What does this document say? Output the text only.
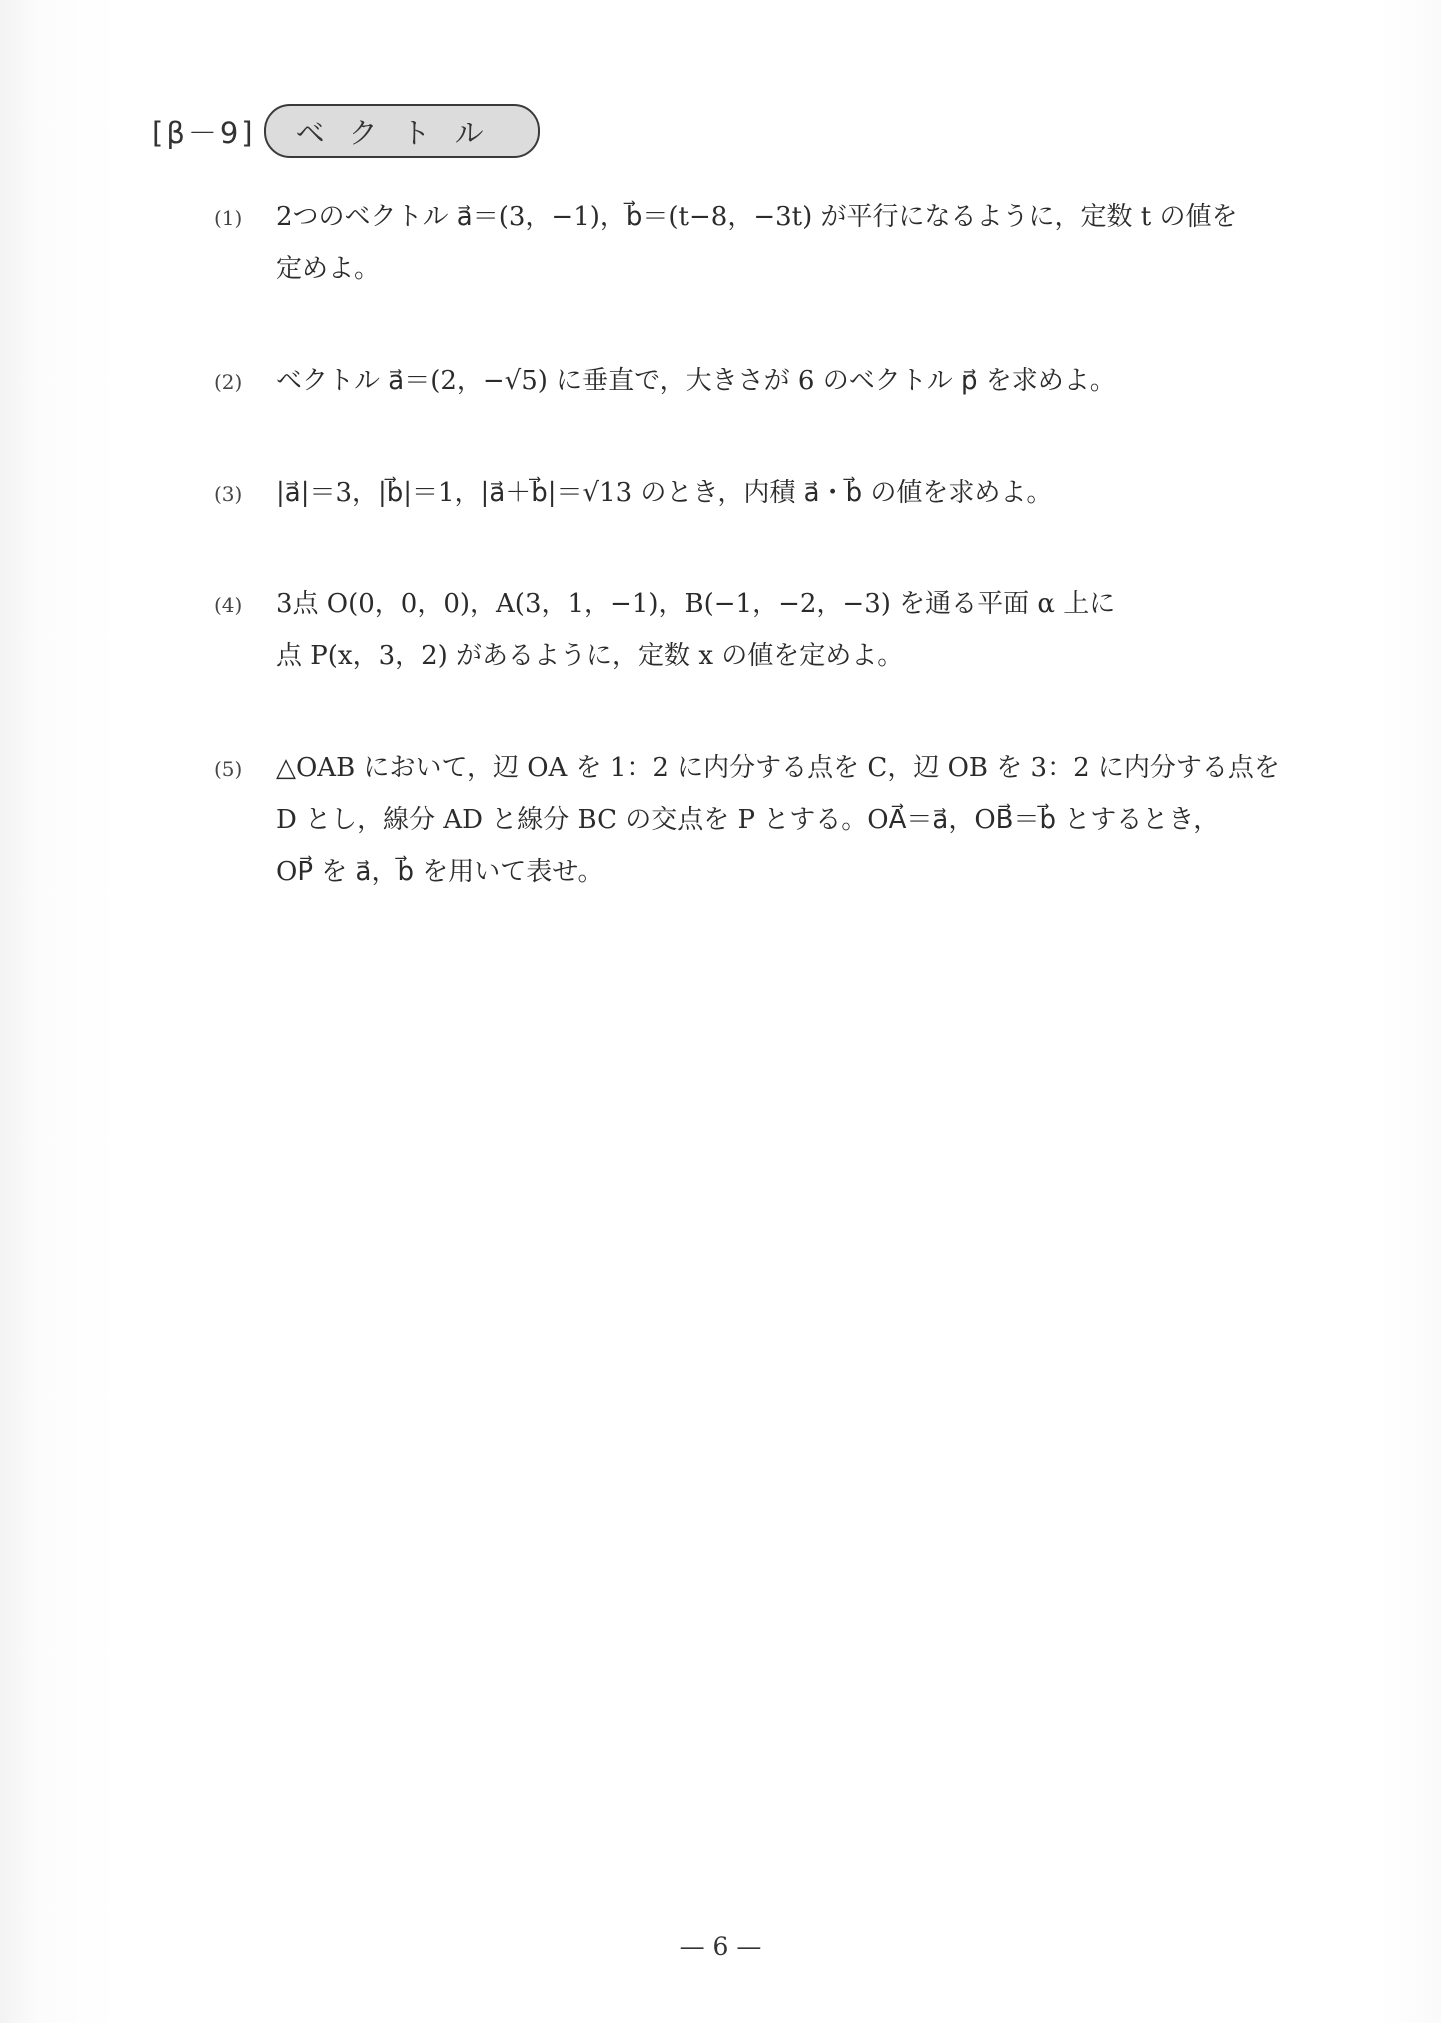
[β－9]	ベクトル
(1) 2つのベクトル a⃗＝(3，−1)，b⃗＝(t−8，−3t) が平行になるように，定数 t の値を
定めよ。
(2) ベクトル a⃗＝(2，−√5) に垂直で，大きさが 6 のベクトル p⃗ を求めよ。
(3) |a⃗|＝3，|b⃗|＝1，|a⃗＋b⃗|＝√13 のとき，内積 a⃗・b⃗ の値を求めよ。
(4) 3点 O(0，0，0)，A(3，1，−1)，B(−1，−2，−3) を通る平面 α 上に
点 P(x，3，2) があるように，定数 x の値を定めよ。
(5) △OAB において，辺 OA を 1：2 に内分する点を C，辺 OB を 3：2 に内分する点を
D とし，線分 AD と線分 BC の交点を P とする。OA⃗＝a⃗，OB⃗＝b⃗ とするとき，
OP⃗ を a⃗，b⃗ を用いて表せ。
— 6 —
